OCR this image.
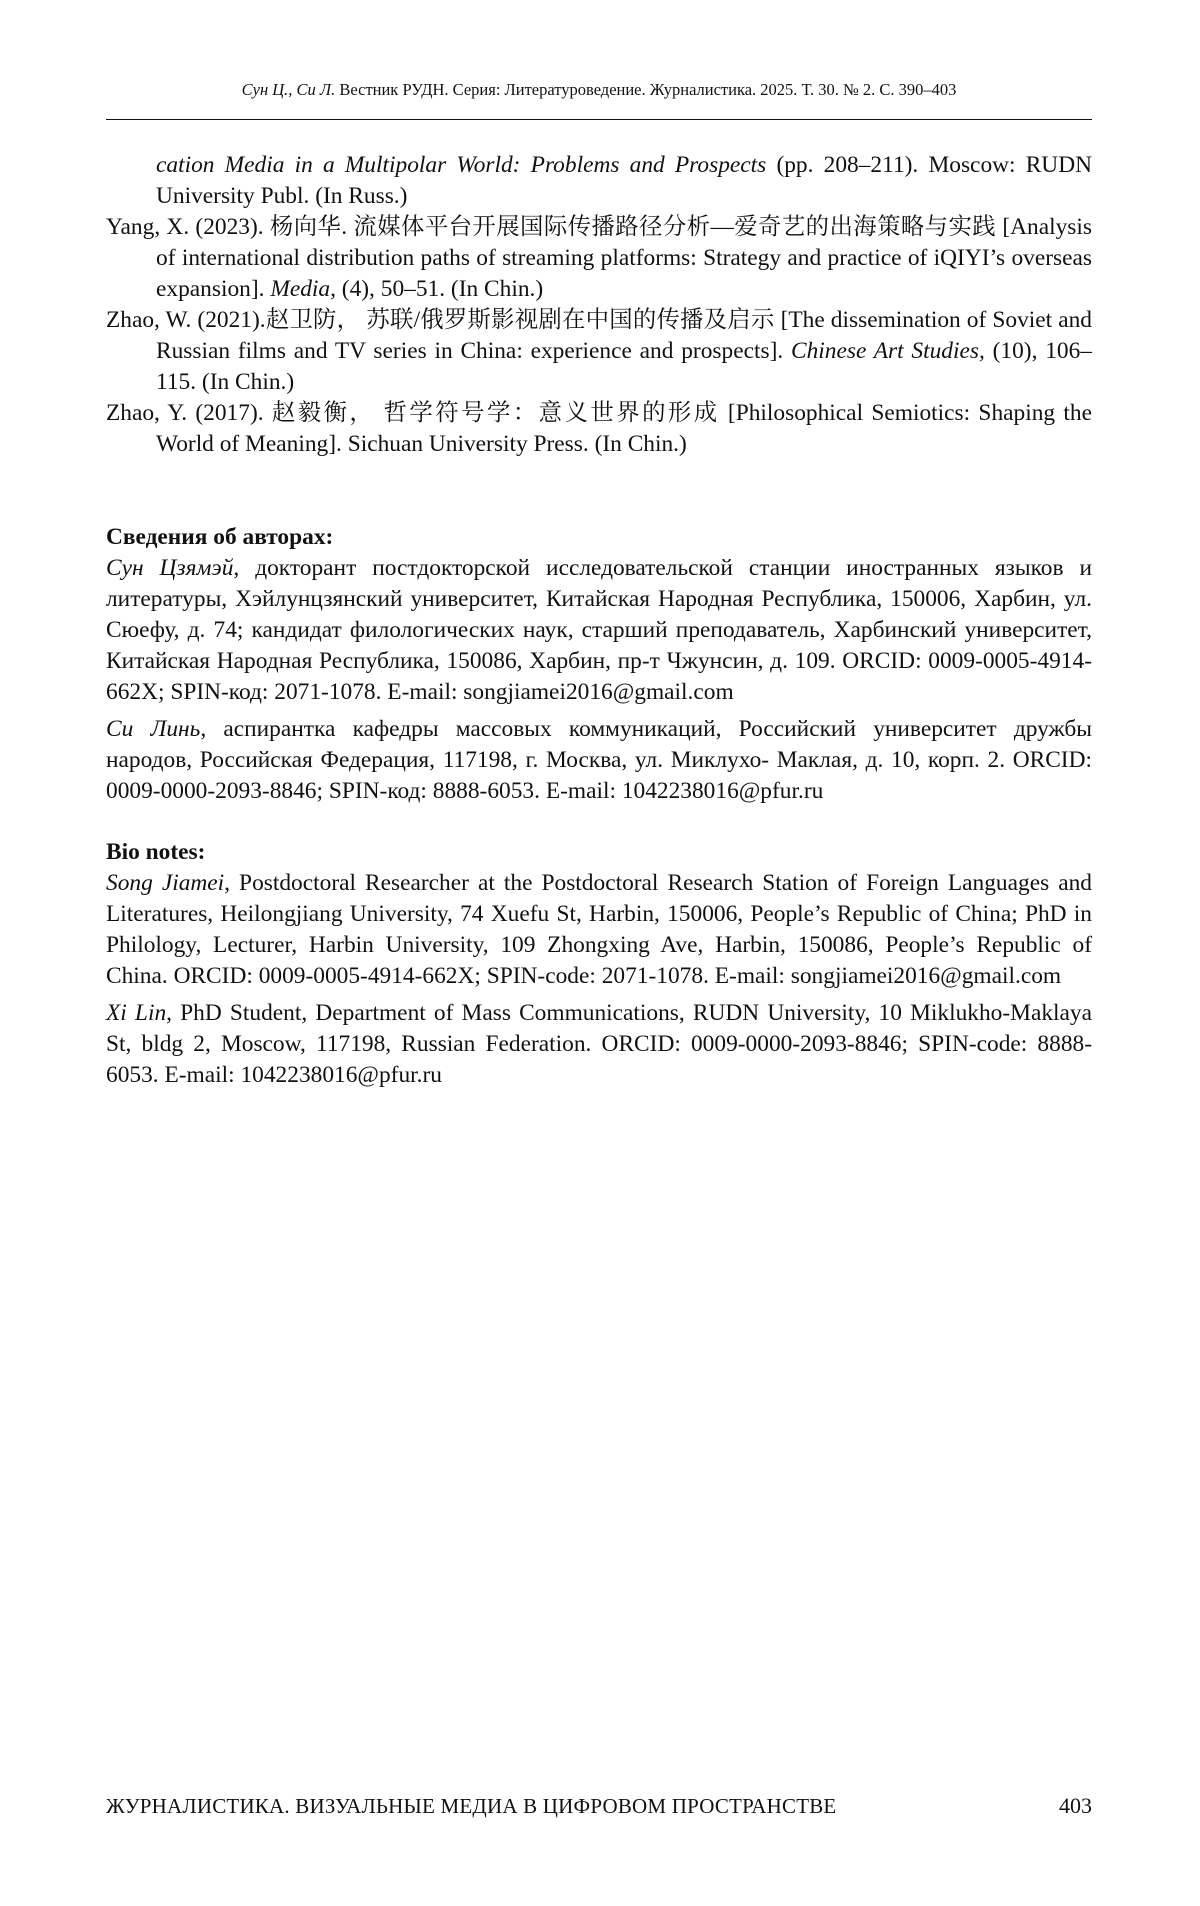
Сун Ц., Си Л. Вестник РУДН. Серия: Литературоведение. Журналистика. 2025. Т. 30. № 2. С. 390–403

cation Media in a Multipolar World: Problems and Prospects (pp. 208–211). Moscow: RUDN University Publ. (In Russ.)

Yang, X. (2023). 杨向华. 流媒体平台开展国际传播路径分析—爱奇艺的出海策略与实践 [Analysis of international distribution paths of streaming platforms: Strategy and practice of iQIYI’s overseas expansion]. Media, (4), 50–51. (In Chin.)

Zhao, W. (2021).赵卫防， 苏联/俄罗斯影视剧在中国的传播及启示 [The dissemination of Soviet and Russian films and TV series in China: experience and prospects]. Chinese Art Studies, (10), 106–115. (In Chin.)

Zhao, Y. (2017). 赵毅衡， 哲学符号学：意义世界的形成 [Philosophical Semiotics: Shaping the World of Meaning]. Sichuan University Press. (In Chin.)

Сведения об авторах:

Сун Цзямэй, докторант постдокторской исследовательской станции иностранных языков и литературы, Хэйлунцзянский университет, Китайская Народная Республика, 150006, Харбин, ул. Сюефу, д. 74; кандидат филологических наук, старший преподаватель, Харбинский университет, Китайская Народная Республика, 150086, Харбин, пр-т Чжунсин, д. 109. ORCID: 0009-0005-4914-662X; SPIN-код: 2071-1078. E-mail: songjiamei2016@gmail.com

Си Линь, аспирантка кафедры массовых коммуникаций, Российский университет дружбы народов, Российская Федерация, 117198, г. Москва, ул. Миклухо- Маклая, д. 10, корп. 2. ORCID: 0009-0000-2093-8846; SPIN-код: 8888-6053. E-mail: 1042238016@pfur.ru

Bio notes:

Song Jiamei, Postdoctoral Researcher at the Postdoctoral Research Station of Foreign Languages and Literatures, Heilongjiang University, 74 Xuefu St, Harbin, 150006, People’s Republic of China; PhD in Philology, Lecturer, Harbin University, 109 Zhongxing Ave, Harbin, 150086, People’s Republic of China. ORCID: 0009-0005-4914-662X; SPIN-code: 2071-1078. E-mail: songjiamei2016@gmail.com

Xi Lin, PhD Student, Department of Mass Communications, RUDN University, 10 Miklukho-Maklaya St, bldg 2, Moscow, 117198, Russian Federation. ORCID: 0009-0000-2093-8846; SPIN-code: 8888-6053. E-mail: 1042238016@pfur.ru

ЖУРНАЛИСТИКА. ВИЗУАЛЬНЫЕ МЕДИА В ЦИФРОВОМ ПРОСТРАНСТВЕ	403
